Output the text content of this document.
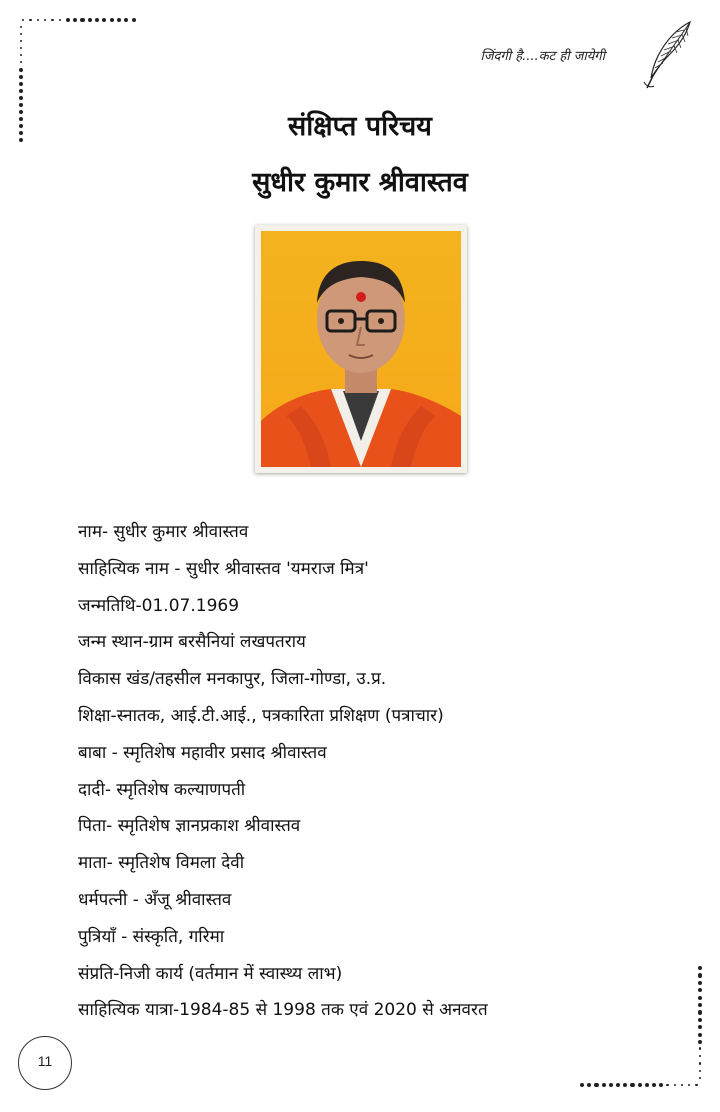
जिंदगी है....कट ही जायेगी
संक्षिप्त परिचय
सुधीर कुमार श्रीवास्तव
नाम- सुधीर कुमार श्रीवास्तव
साहित्यिक नाम - सुधीर श्रीवास्तव 'यमराज मित्र'
जन्मतिथि-01.07.1969
जन्म स्थान-ग्राम बरसैनियां लखपतराय
विकास खंड/तहसील मनकापुर, जिला-गोण्डा, उ.प्र.
शिक्षा-स्नातक, आई.टी.आई., पत्रकारिता प्रशिक्षण (पत्राचार)
बाबा - स्मृतिशेष महावीर प्रसाद श्रीवास्तव
दादी- स्मृतिशेष कल्याणपती
पिता- स्मृतिशेष ज्ञानप्रकाश श्रीवास्तव
माता- स्मृतिशेष विमला देवी
धर्मपत्नी - अँजू श्रीवास्तव
पुत्रियाँ - संस्कृति, गरिमा
संप्रति-निजी कार्य (वर्तमान में स्वास्थ्य लाभ)
साहित्यिक यात्रा-1984-85 से 1998 तक एवं 2020 से अनवरत
11
